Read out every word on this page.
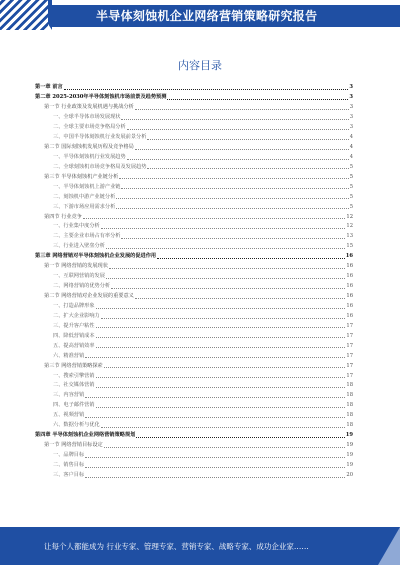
半导体刻蚀机企业网络营销策略研究报告
内容目录
第一章 前言	3
第二章 2025-2030年半导体刻蚀机市场前景及趋势预测	3
第一节 行业政策及发展机遇与挑战分析	3
一、全球半导体市场发展现状	3
二、全球主要市场竞争格局分析	3
三、中国半导体刻蚀机行业发展前景分析	4
第二节 国际刻蚀机发展历程及竞争格局	4
一、半导体刻蚀机行业发展趋势	4
二、全球刻蚀机市场竞争格局及发展趋势	5
第三节 半导体刻蚀机产业链分析	5
一、半导体刻蚀机上游产业链	5
二、刻蚀机中游产业链分析	5
三、下游市场应用需求分析	5
第四节 行业竞争	12
一、行业集中度分析	12
二、主要企业市场占有率分析	13
三、行业进入壁垒分析	15
第三章 网络营销对半导体刻蚀机企业发展的促进作用	16
第一节 网络营销的发展现状	16
一、互联网营销的发展	16
二、网络营销的优势分析	16
第二节 网络营销对企业发展的重要意义	16
一、打造品牌形象	16
二、扩大企业影响力	16
三、提升客户粘性	17
四、降低营销成本	17
五、提高营销效率	17
六、精准营销	17
第三节 网络营销策略探索	17
一、搜索引擎营销	17
二、社交媒体营销	18
三、内容营销	18
四、电子邮件营销	18
五、视频营销	18
六、数据分析与优化	18
第四章 半导体刻蚀机企业网络营销策略规划	19
第一节 网络营销目标设定	19
一、品牌目标	19
二、销售目标	19
三、客户目标	20
让每个人都能成为 行业专家、管理专家、营销专家、战略专家、成功企业家……
